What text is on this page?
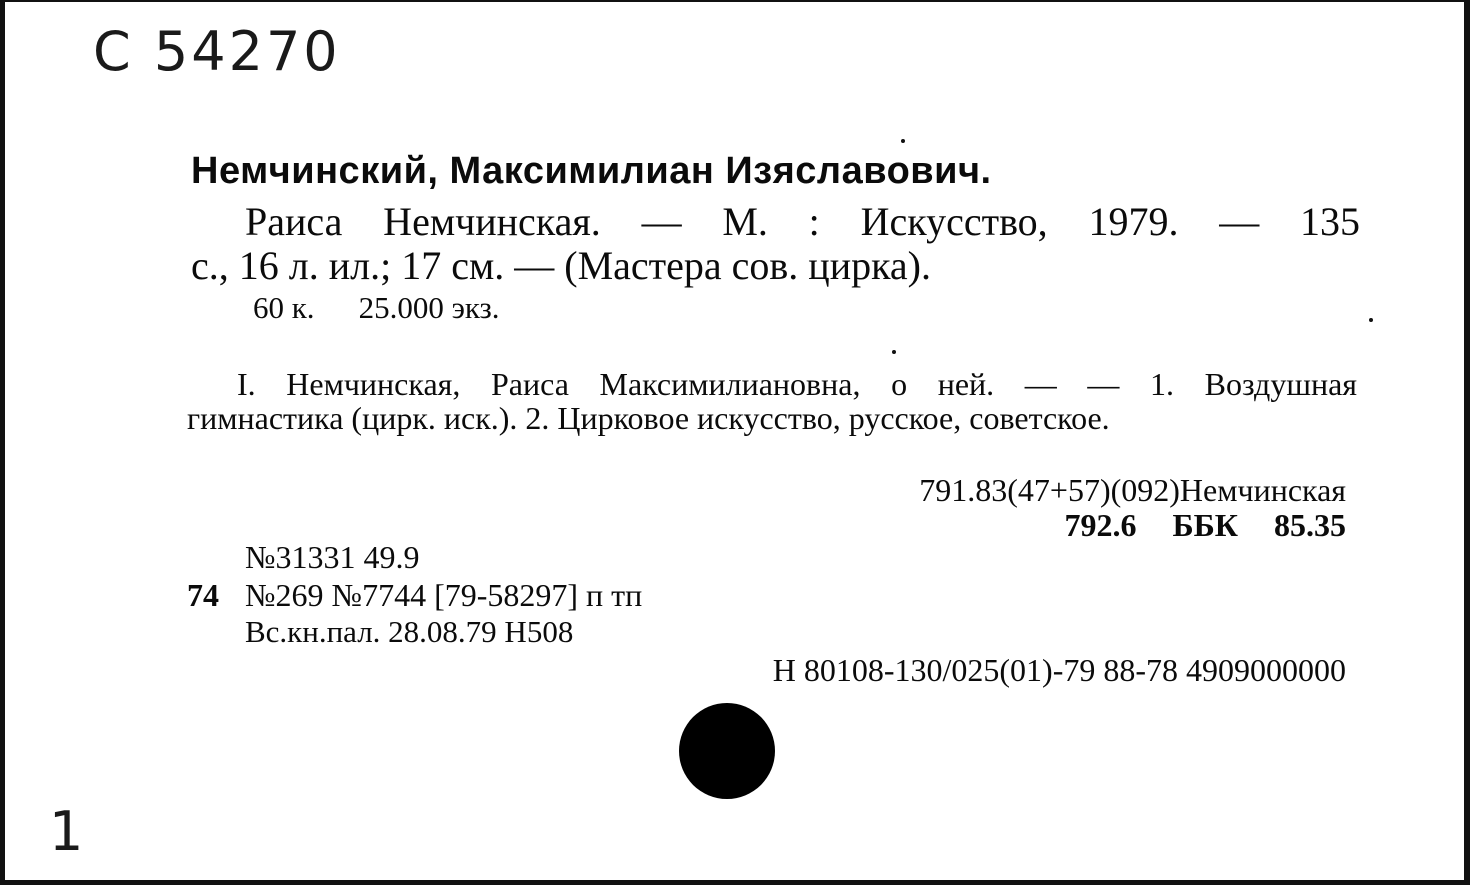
С 54270
Немчинский, Максимилиан Изяславович.
Раиса Немчинская. — М. : Искусство, 1979. — 135
с., 16 л. ил.; 17 см. — (Мастера сов. цирка).
60 к. 25.000 экз.
I. Немчинская, Раиса Максимилиановна, о ней. — — 1. Воздушная
гимнастика (цирк. иск.). 2. Цирковое искусство, русское, советское.
791.83(47+57)(092)Немчинская
792.6 ББК 85.35
№31331 49.9
74 №269 №7744 [79-58297] п тп
Вс.кн.пал. 28.08.79 Н508
Н 80108-130/025(01)-79 88-78 4909000000
1
